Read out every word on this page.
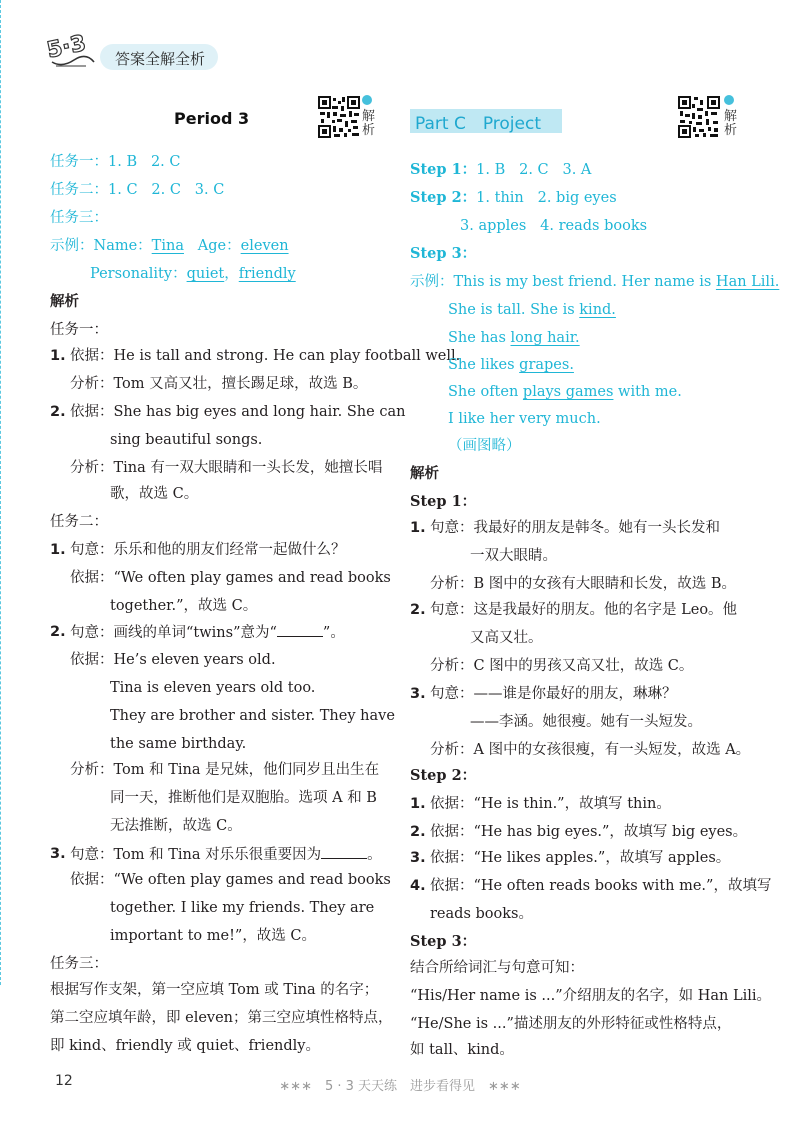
5·3 答案全解全析
Period 3	解析
任务一：1. B 2. C
任务二：1. C 2. C 3. C
任务三：
示例：Name：Tina Age：eleven
Personality：quiet，friendly
解析
任务一：
1. 依据：He is tall and strong. He can play football well.
分析：Tom 又高又壮，擅长踢足球，故选 B。
2. 依据：She has big eyes and long hair. She can
sing beautiful songs.
分析：Tina 有一双大眼睛和一头长发，她擅长唱
歌，故选 C。
任务二：
1. 句意：乐乐和他的朋友们经常一起做什么？
依据：“We often play games and read books
together.”，故选 C。
2. 句意：画线的单词“twins”意为“	”。
依据：He’s eleven years old.
Tina is eleven years old too.
They are brother and sister. They have
the same birthday.
分析：Tom 和 Tina 是兄妹，他们同岁且出生在
同一天，推断他们是双胞胎。选项 A 和 B
无法推断，故选 C。
3. 句意：Tom 和 Tina 对乐乐很重要因为	。
依据：“We often play games and read books
together. I like my friends. They are
important to me!”，故选 C。
任务三：
根据写作支架，第一空应填 Tom 或 Tina 的名字；
第二空应填年龄，即 eleven；第三空应填性格特点，
即 kind、friendly 或 quiet、friendly。
Part C　Project	解析
Step 1：1. B 2. C 3. A
Step 2：1. thin 2. big eyes
3. apples 4. reads books
Step 3：
示例：This is my best friend. Her name is Han Lili.
She is tall. She is kind.
She has long hair.
She likes grapes.
She often plays games with me.
I like her very much.
（画图略）
解析
Step 1：
1. 句意：我最好的朋友是韩冬。她有一头长发和
一双大眼睛。
分析：B 图中的女孩有大眼睛和长发，故选 B。
2. 句意：这是我最好的朋友。他的名字是 Leo。他
又高又壮。
分析：C 图中的男孩又高又壮，故选 C。
3. 句意：——谁是你最好的朋友，琳琳？
——李涵。她很瘦。她有一头短发。
分析：A 图中的女孩很瘦，有一头短发，故选 A。
Step 2：
1. 依据：“He is thin.”，故填写 thin。
2. 依据：“He has big eyes.”，故填写 big eyes。
3. 依据：“He likes apples.”，故填写 apples。
4. 依据：“He often reads books with me.”，故填写
reads books。
Step 3：
结合所给词汇与句意可知：
“His/Her name is ...”介绍朋友的名字，如 Han Lili。
“He/She is ...”描述朋友的外形特征或性格特点，
如 tall、kind。
12	∗∗∗　5 · 3 天天练　进步看得见　∗∗∗
